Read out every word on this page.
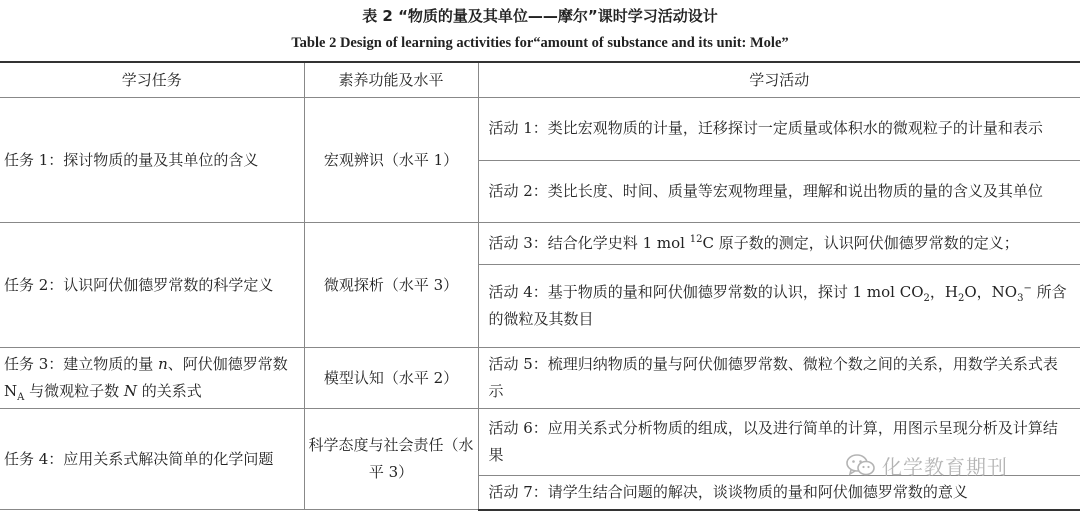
表 2 “物质的量及其单位——摩尔”课时学习活动设计
Table 2 Design of learning activities for“amount of substance and its unit: Mole”
学习任务	素养功能及水平	学习活动
任务 1：探讨物质的量及其单位的含义	宏观辨识（水平 1）	活动 1：类比宏观物质的计量，迁移探讨一定质量或体积水的微观粒子的计量和表示
		活动 2：类比长度、时间、质量等宏观物理量，理解和说出物质的量的含义及其单位
任务 2：认识阿伏伽德罗常数的科学定义	微观探析（水平 3）	活动 3：结合化学史料 1 mol $^{12}$C 原子数的测定，认识阿伏伽德罗常数的定义；
		活动 4：基于物质的量和阿伏伽德罗常数的认识，探讨 1 mol $CO_2$，$H_2O$，$NO_3^-$ 所含的微粒及其数目
任务 3：建立物质的量 n、阿伏伽德罗常数 $N_A$ 与微观粒子数 N 的关系式	模型认知（水平 2）	活动 5：梳理归纳物质的量与阿伏伽德罗常数、微粒个数之间的关系，用数学关系式表示
任务 4：应用关系式解决简单的化学问题	科学态度与社会责任（水平 3）	活动 6：应用关系式分析物质的组成，以及进行简单的计算，用图示呈现分析及计算结果
		活动 7：请学生结合问题的解决，谈谈物质的量和阿伏伽德罗常数的意义
化学教育期刊
